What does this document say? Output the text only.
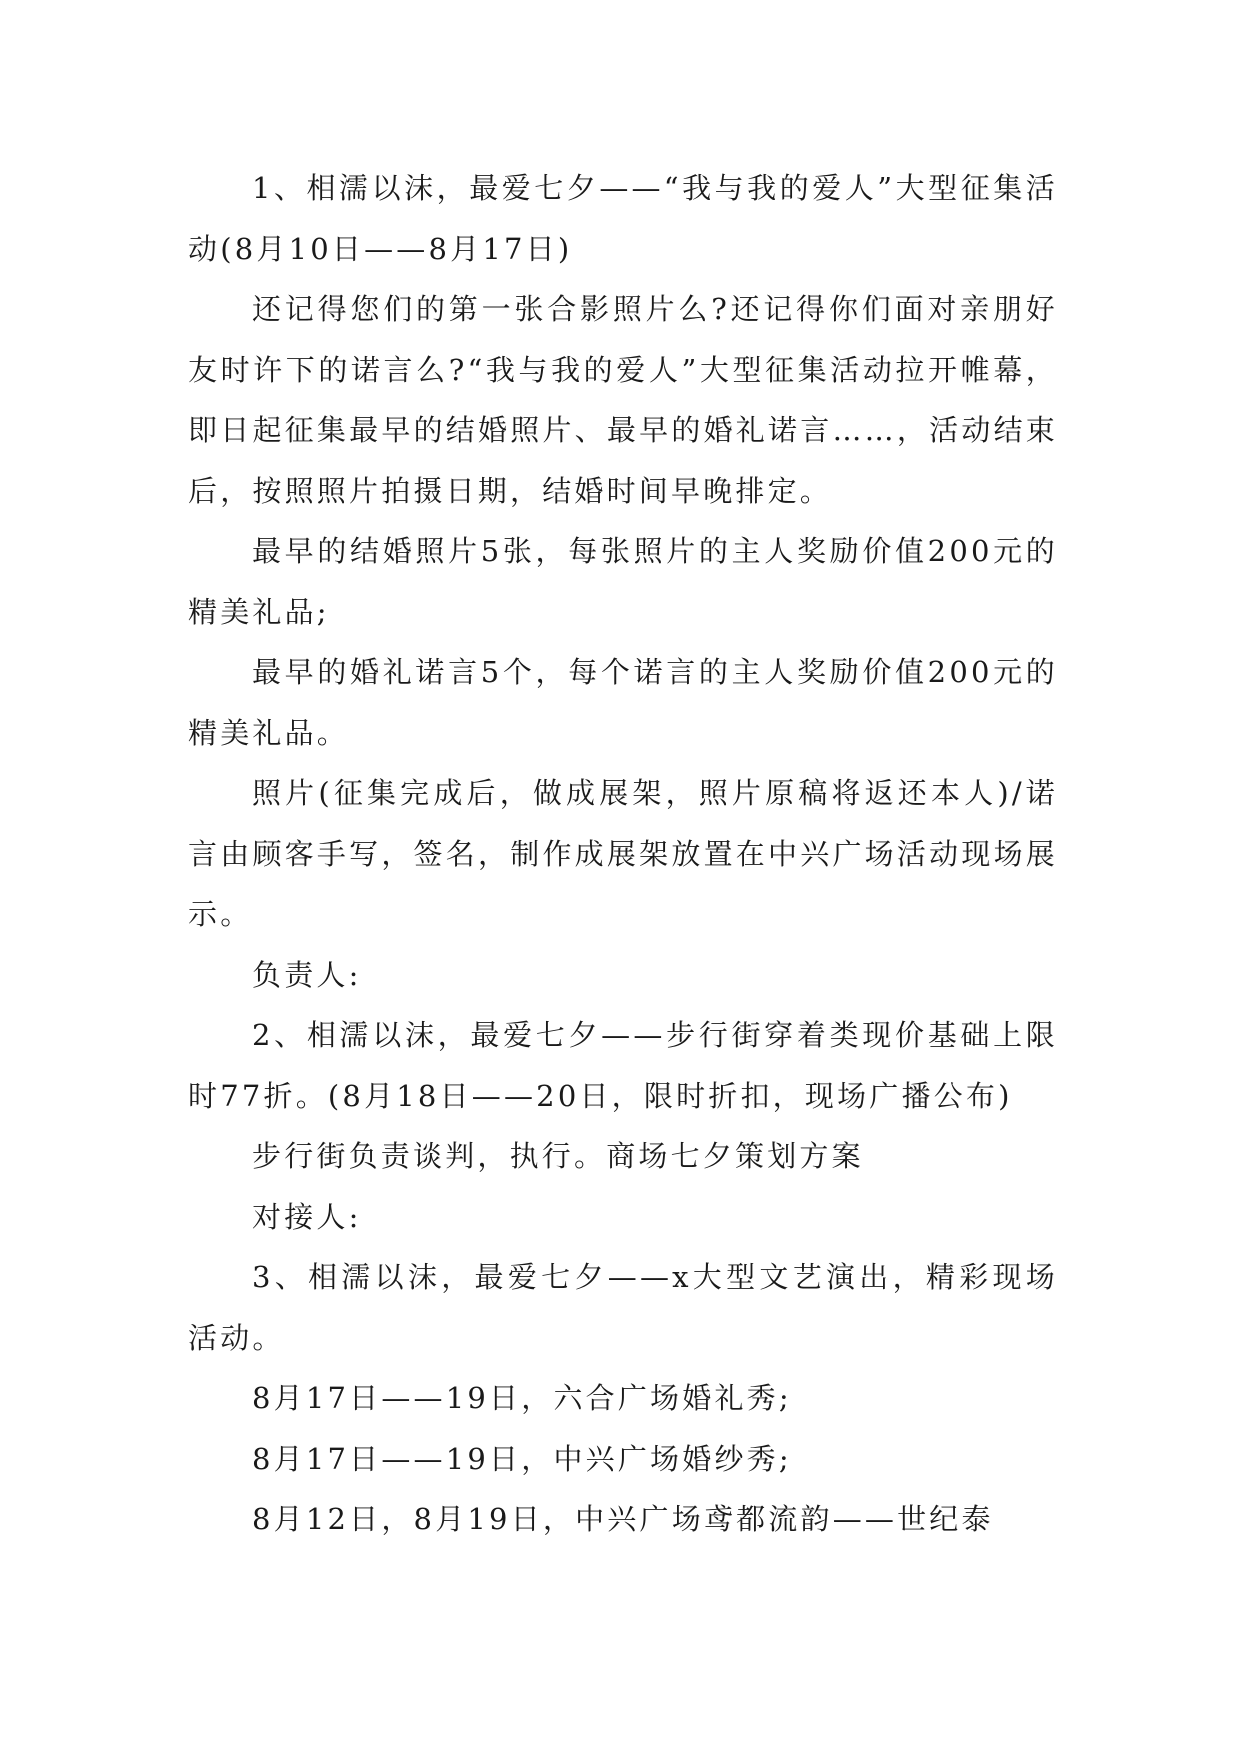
1、相濡以沫，最爱七夕——“我与我的爱人”大型征集活动(8月10日——8月17日)

还记得您们的第一张合影照片么?还记得你们面对亲朋好友时许下的诺言么?“我与我的爱人”大型征集活动拉开帷幕，即日起征集最早的结婚照片、最早的婚礼诺言……，活动结束后，按照照片拍摄日期，结婚时间早晚排定。

最早的结婚照片5张，每张照片的主人奖励价值200元的精美礼品;

最早的婚礼诺言5个，每个诺言的主人奖励价值200元的精美礼品。

照片(征集完成后，做成展架，照片原稿将返还本人)/诺言由顾客手写，签名，制作成展架放置在中兴广场活动现场展示。

负责人:

2、相濡以沫，最爱七夕——步行街穿着类现价基础上限时77折。(8月18日——20日，限时折扣，现场广播公布)

步行街负责谈判，执行。商场七夕策划方案

对接人:

3、相濡以沫，最爱七夕——x大型文艺演出，精彩现场活动。

8月17日——19日，六合广场婚礼秀;

8月17日——19日，中兴广场婚纱秀;

8月12日，8月19日，中兴广场鸢都流韵——世纪泰
